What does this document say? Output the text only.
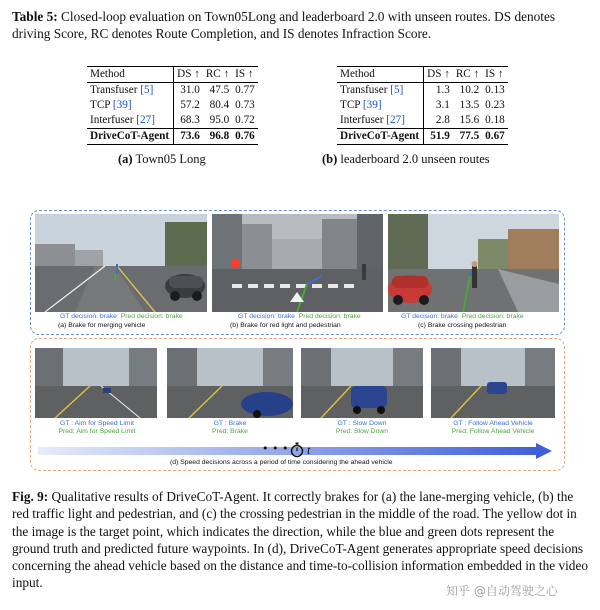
Table 5: Closed-loop evaluation on Town05Long and leaderboard 2.0 with unseen routes. DS denotes driving Score, RC denotes Route Completion, and IS denotes Infraction Score.
Method	DS ↑	RC ↑	IS ↑
Transfuser [5]	31.0	47.5	0.77
TCP [39]	57.2	80.4	0.73
Interfuser [27]	68.3	95.0	0.72
DriveCoT-Agent	73.6	96.8	0.76
(a) Town05 Long
Method	DS ↑	RC ↑	IS ↑
Transfuser [5]	1.3	10.2	0.13
TCP [39]	3.1	13.5	0.23
Interfuser [27]	2.8	15.6	0.18
DriveCoT-Agent	51.9	77.5	0.67
(b) leaderboard 2.0 unseen routes
GT decision: brake Pred decision: brake
(a) Brake for merging vehicle
GT decision: brake Pred decision: brake
(b) Brake for red light and pedestrian
GT decision: brake Pred decision: brake
(c) Brake crossing pedestrian
GT : Aim for Speed Limit
Pred: Aim for Speed Limit
GT : Brake
Pred: Brake
GT : Slow Down
Pred: Slow Down
GT : Follow Ahead Vehicle
Pred: Follow Ahead Vehicle
• • • t
(d) Speed decisions across a period of time considering the ahead vehicle
Fig. 9: Qualitative results of DriveCoT-Agent. It correctly brakes for (a) the lane-merging vehicle, (b) the red traffic light and pedestrian, and (c) the crossing pedestrian in the middle of the road. The yellow dot in the image is the target point, which indicates the direction, while the blue and green dots represent the ground truth and predicted future waypoints. In (d), DriveCoT-Agent generates appropriate speed decisions concerning the ahead vehicle based on the distance and time-to-collision information embedded in the video input.
知乎 @自动驾驶之心
